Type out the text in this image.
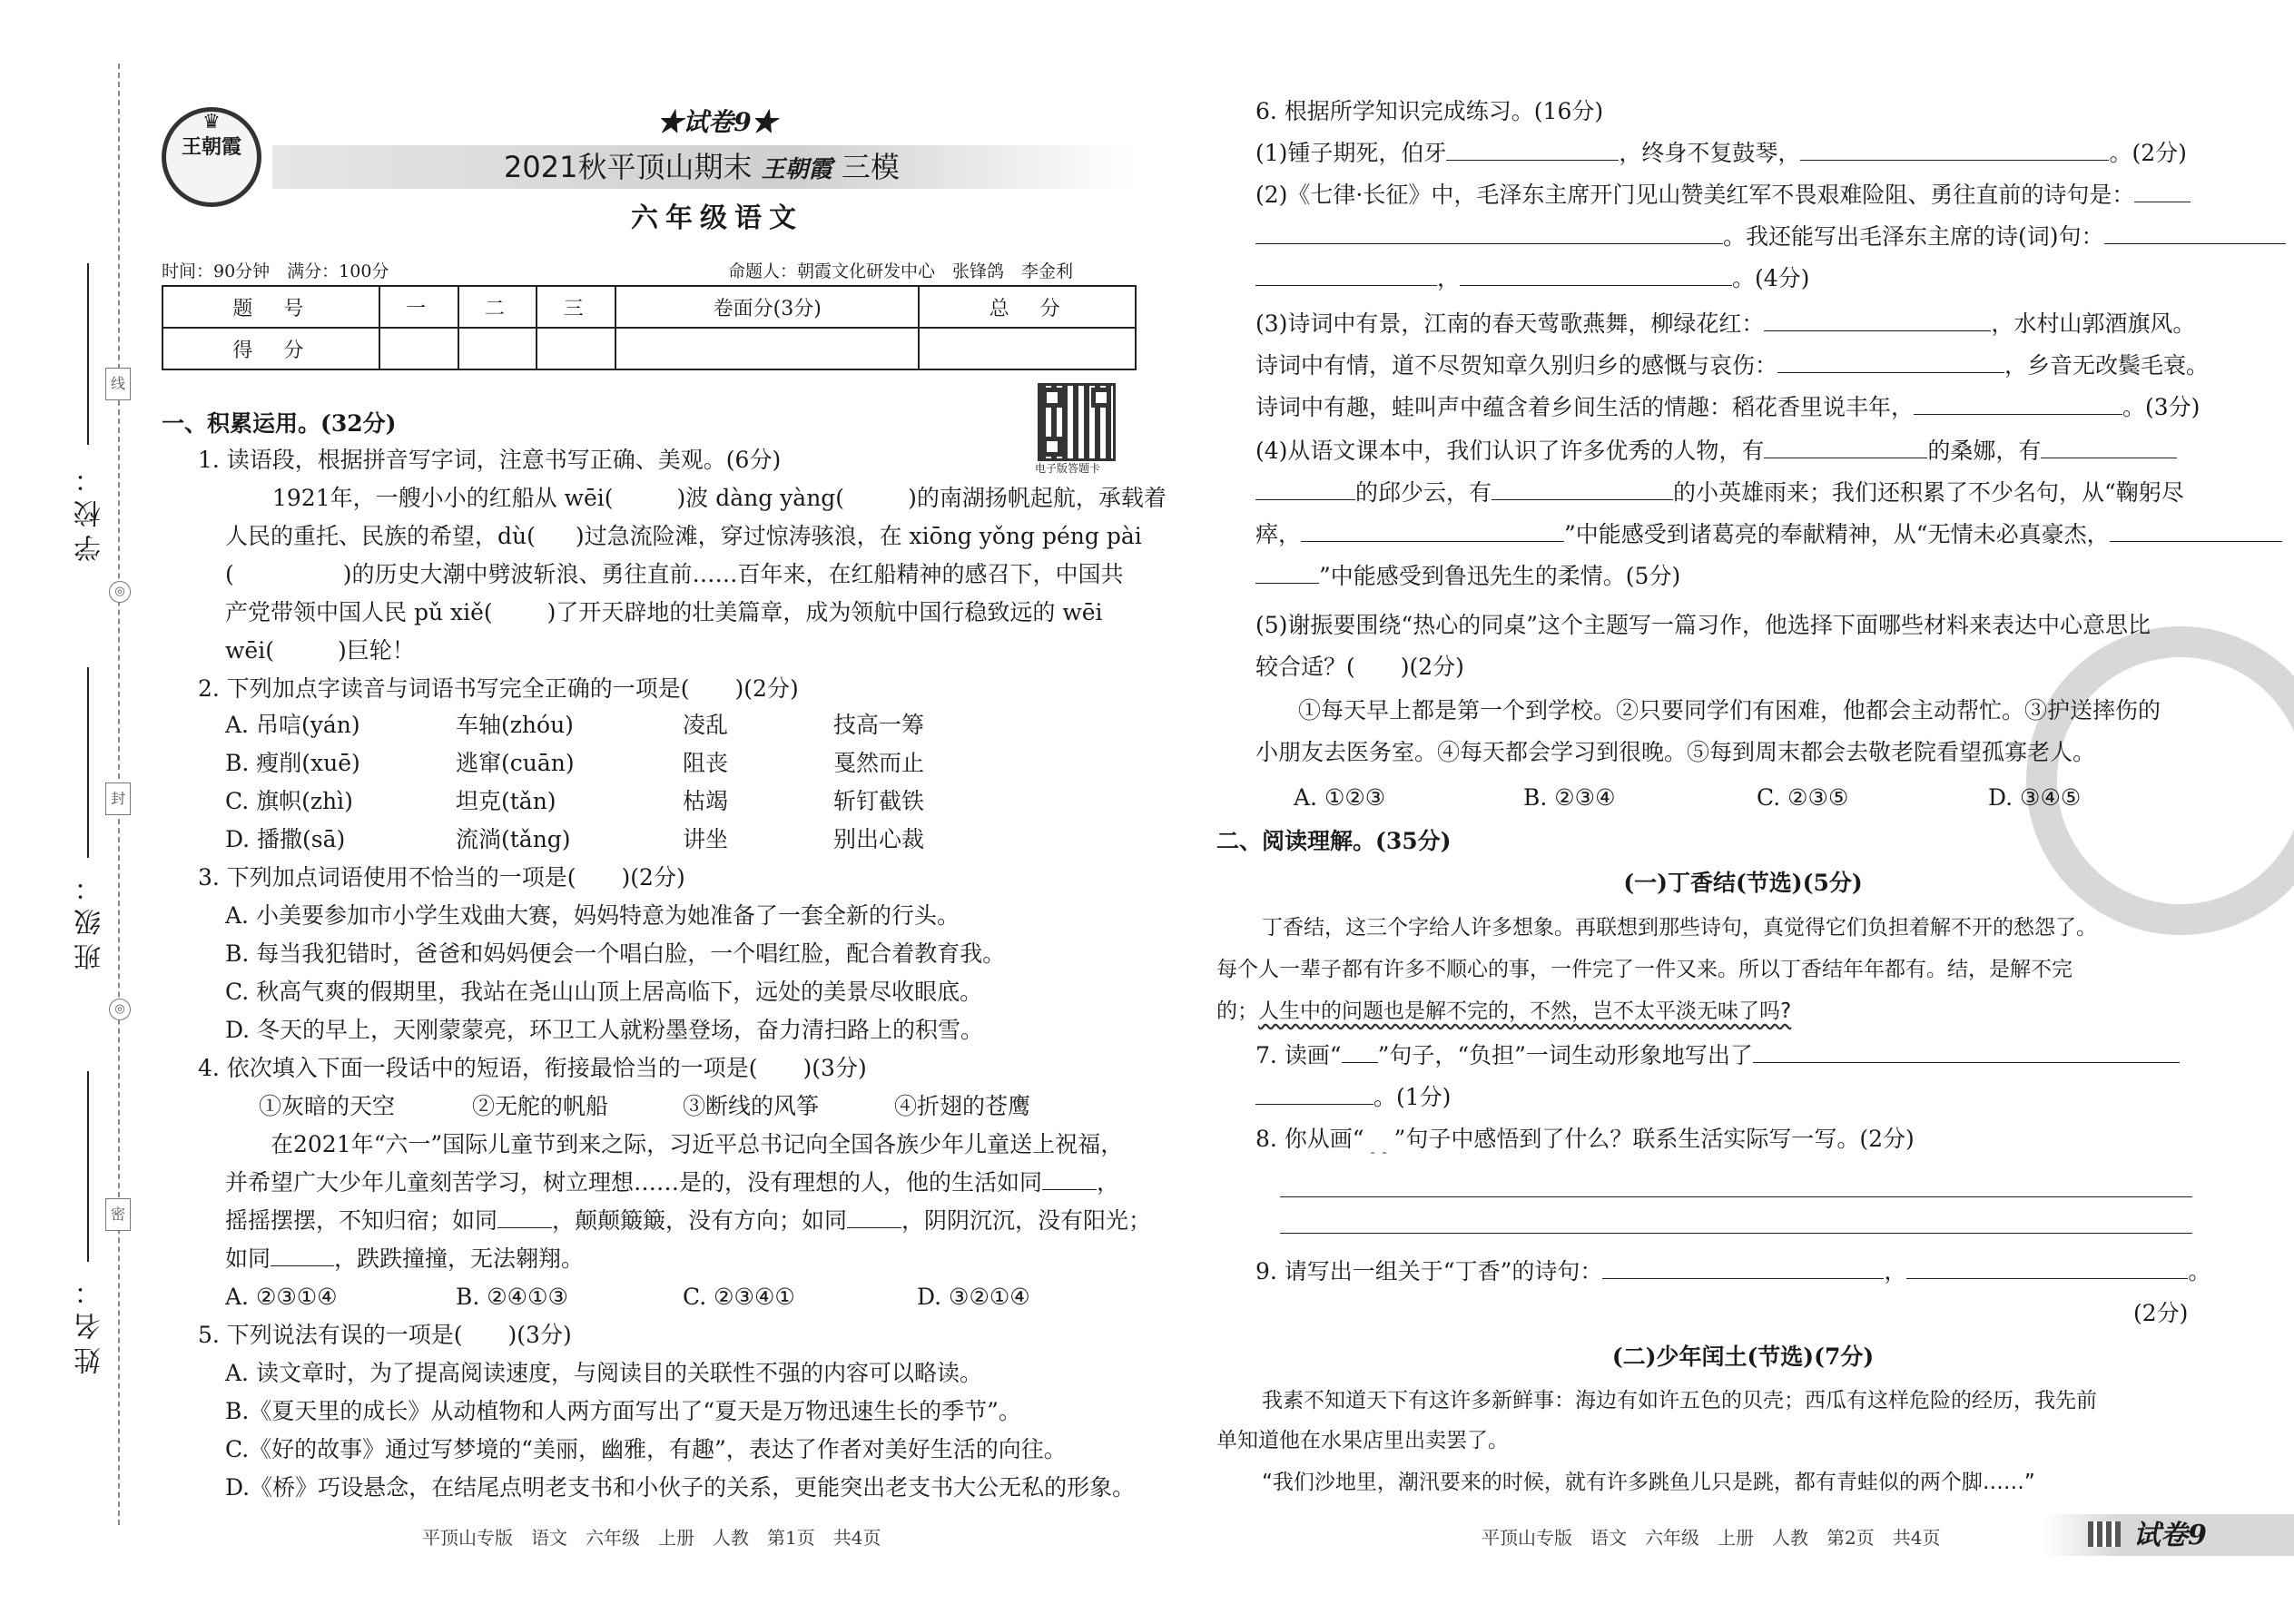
学校：
班级：
姓名：
线
封
密
◎
◎
♛
王朝霞
★试卷9★
2021秋平顶山期末 王朝霞 三模
六年级语文
时间：90分钟　满分：100分	命题人：朝霞文化研发中心　张锋鸽　李金利
题　号	一	二	三	卷面分(3分)	总　分
得　分					
电子版答题卡
一、积累运用。(32分)
1. 读语段，根据拼音写字词，注意书写正确、美观。(6分)
1921年，一艘小小的红船从 wēi(	)波 dàng yàng(	)的南湖扬帆起航，承载着
人民的重托、民族的希望，dù( )过急流险滩，穿过惊涛骇浪，在 xiōng yǒng péng pài
(	)的历史大潮中劈波斩浪、勇往直前……百年来，在红船精神的感召下，中国共
产党带领中国人民 pǔ xiě( )了开天辟地的壮美篇章，成为领航中国行稳致远的 wēi
wēi(	)巨轮！
2. 下列加点字读音与词语书写完全正确的一项是(　　)(2分)
A. 吊唁(yán)	车轴(zhóu)	凌乱	技高一筹
B. 瘦削(xuē)	逃窜(cuān)	阻丧	戛然而止
C. 旗帜(zhì)	坦克(tǎn)	枯竭	斩钉截铁
D. 播撒(sā)	流淌(tǎng)	讲坐	别出心裁
3. 下列加点词语使用不恰当的一项是(　　)(2分)
A. 小美要参加市小学生戏曲大赛，妈妈特意为她准备了一套全新的行头。
B. 每当我犯错时，爸爸和妈妈便会一个唱白脸，一个唱红脸，配合着教育我。
C. 秋高气爽的假期里，我站在尧山山顶上居高临下，远处的美景尽收眼底。
D. 冬天的早上，天刚蒙蒙亮，环卫工人就粉墨登场，奋力清扫路上的积雪。
4. 依次填入下面一段话中的短语，衔接最恰当的一项是(　　)(3分)
①灰暗的天空	②无舵的帆船	③断线的风筝	④折翅的苍鹰
在2021年“六一”国际儿童节到来之际，习近平总书记向全国各族少年儿童送上祝福，
并希望广大少年儿童刻苦学习，树立理想……是的，没有理想的人，他的生活如同 ，
摇摇摆摆，不知归宿；如同 ，颠颠簸簸，没有方向；如同 ，阴阴沉沉，没有阳光；
如同	，跌跌撞撞，无法翱翔。
A. ②③①④	B. ②④①③	C. ②③④①	D. ③②①④
5. 下列说法有误的一项是(　　)(3分)
A. 读文章时，为了提高阅读速度，与阅读目的关联性不强的内容可以略读。
B.《夏天里的成长》从动植物和人两方面写出了“夏天是万物迅速生长的季节”。
C.《好的故事》通过写梦境的“美丽，幽雅，有趣”，表达了作者对美好生活的向往。
D.《桥》巧设悬念，在结尾点明老支书和小伙子的关系，更能突出老支书大公无私的形象。
平顶山专版　语文　六年级　上册　人教　第1页　共4页
6. 根据所学知识完成练习。(16分)
(1)锺子期死，伯牙	，终身不复鼓琴，	。(2分)
(2)《七律·长征》中，毛泽东主席开门见山赞美红军不畏艰难险阻、勇往直前的诗句是：
。我还能写出毛泽东主席的诗(词)句：
，	。(4分)
(3)诗词中有景，江南的春天莺歌燕舞，柳绿花红：	，水村山郭酒旗风。
诗词中有情，道不尽贺知章久别归乡的感慨与哀伤：	，乡音无改鬓毛衰。
诗词中有趣，蛙叫声中蕴含着乡间生活的情趣：稻花香里说丰年，	。(3分)
(4)从语文课本中，我们认识了许多优秀的人物，有	的桑娜，有
的邱少云，有	的小英雄雨来；我们还积累了不少名句，从“鞠躬尽
瘁，	”中能感受到诸葛亮的奉献精神，从“无情未必真豪杰，
”中能感受到鲁迅先生的柔情。(5分)
(5)谢振要围绕“热心的同桌”这个主题写一篇习作，他选择下面哪些材料来表达中心意思比
较合适？(　　)(2分)
①每天早上都是第一个到学校。②只要同学们有困难，他都会主动帮忙。③护送摔伤的
小朋友去医务室。④每天都会学习到很晚。⑤每到周末都会去敬老院看望孤寡老人。
A. ①②③	B. ②③④	C. ②③⑤	D. ③④⑤
二、阅读理解。(35分)
(一)丁香结(节选)(5分)
丁香结，这三个字给人许多想象。再联想到那些诗句，真觉得它们负担着解不开的愁怨了。
每个人一辈子都有许多不顺心的事，一件完了一件又来。所以丁香结年年都有。结，是解不完
的；人生中的问题也是解不完的，不然，岂不太平淡无味了吗?
7. 读画“ ”句子，“负担”一词生动形象地写出了
。(1分)
8. 你从画“　 ”句子中感悟到了什么？联系生活实际写一写。(2分)
9. 请写出一组关于“丁香”的诗句：	，	。
(2分)
(二)少年闰土(节选)(7分)
我素不知道天下有这许多新鲜事：海边有如许五色的贝壳；西瓜有这样危险的经历，我先前
单知道他在水果店里出卖罢了。
“我们沙地里，潮汛要来的时候，就有许多跳鱼儿只是跳，都有青蛙似的两个脚……”
平顶山专版　语文　六年级　上册　人教　第2页　共4页	试卷9
